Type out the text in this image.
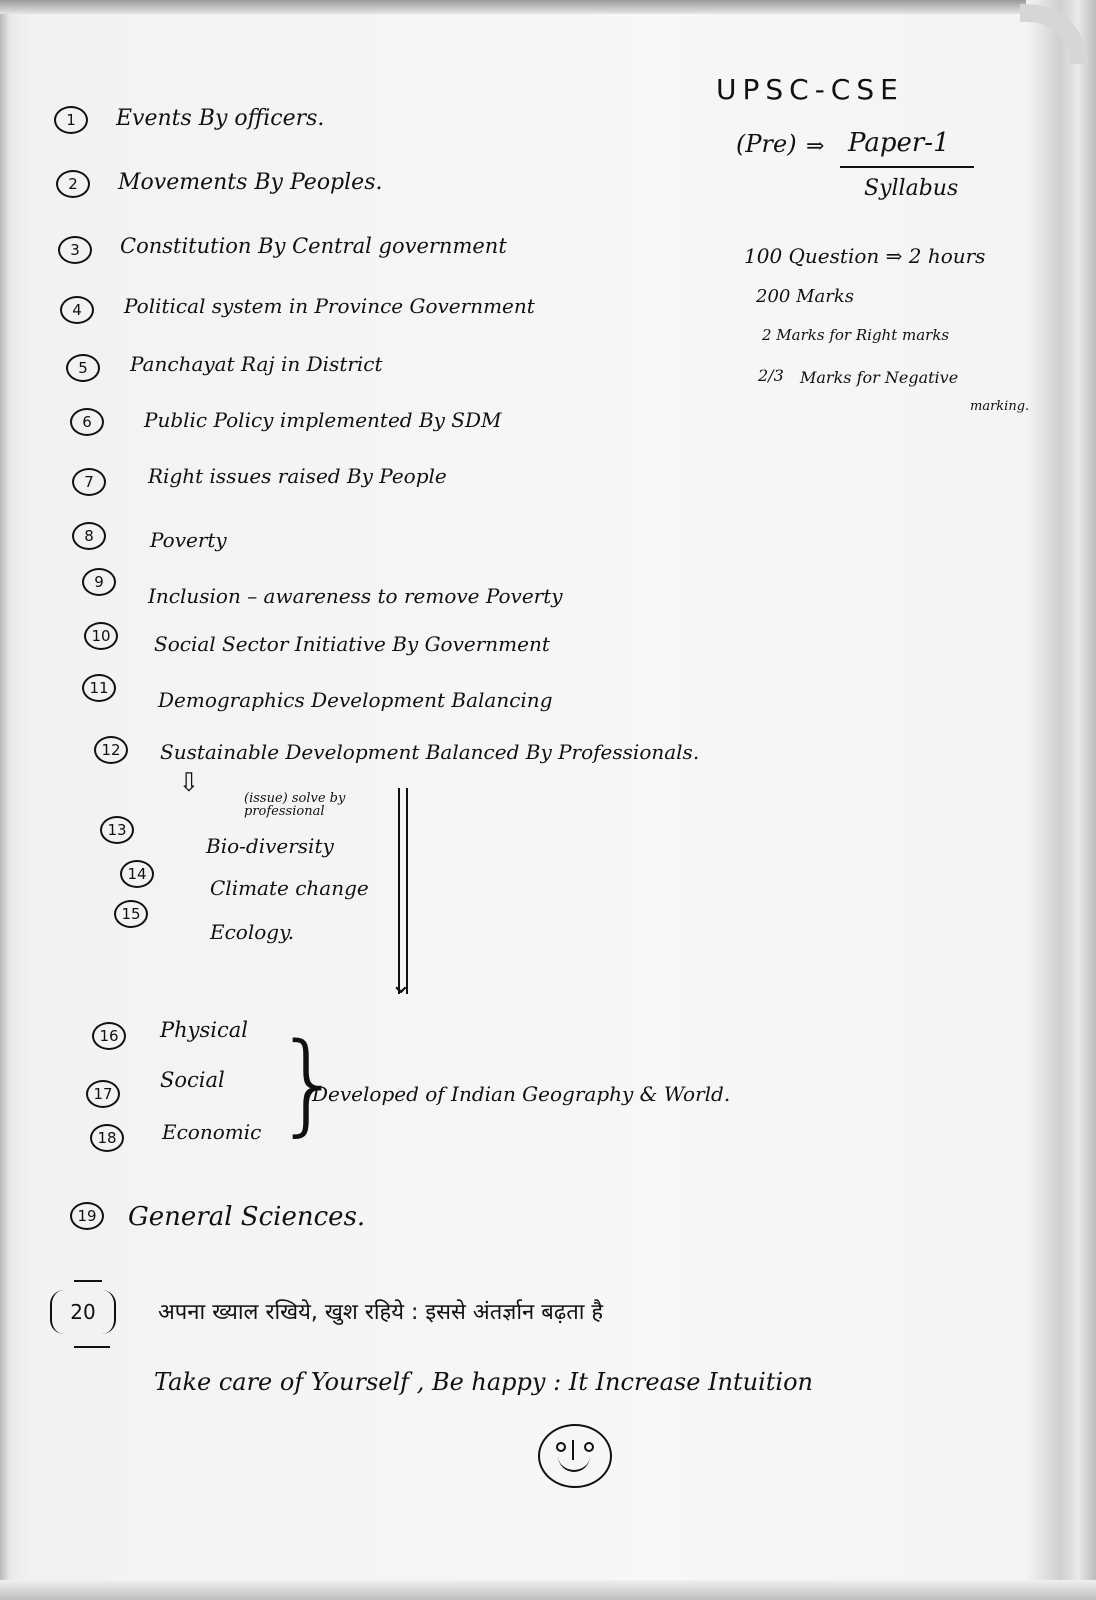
UPSC-CSE
(Pre) ⇒ Paper-1
Syllabus
100 Question ⇒ 2 hours
200 Marks
2 Marks for Right marks
2/3 Marks for Negative
marking.
1	Events By officers.
2	Movements By Peoples.
3	Constitution By Central government
4	Political system in Province Government
5	Panchayat Raj in District
6	Public Policy implemented By SDM
7	Right issues raised By People
8	Poverty
9
Inclusion – awareness to remove Poverty
10	Social Sector Initiative By Government
11	Demographics Development Balancing
12	Sustainable Development Balanced By Professionals.
⇩
(issue) solve by professional
⌄
13
Bio-diversity
14
Climate change
15
Ecology.
16	Physical
17
Social
18	Economic }
Developed of Indian Geography & World.
19 General Sciences.
20	अपना ख्याल रखिये, खुश रहिये : इससे अंतर्ज्ञान बढ़ता है
Take care of Yourself , Be happy : It Increase Intuition
